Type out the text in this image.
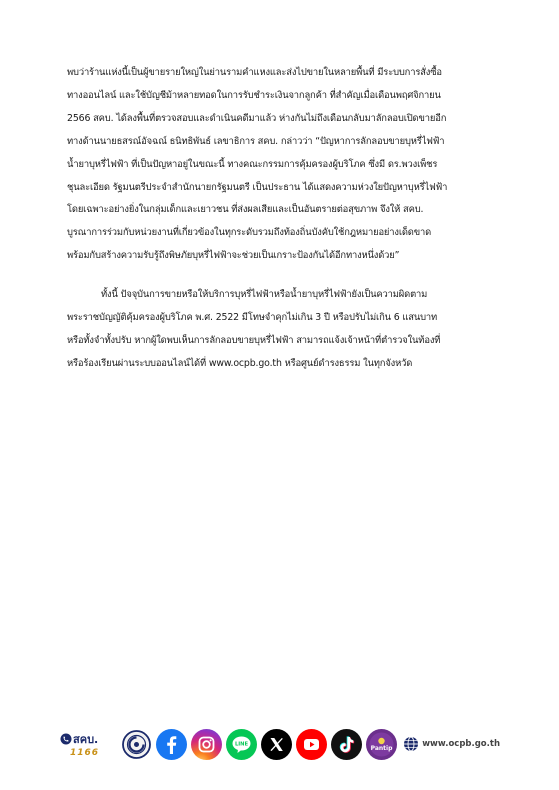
พบว่าร้านแห่งนี้เป็นผู้ขายรายใหญ่ในย่านรามคำแหงและส่งไปขายในหลายพื้นที่ มีระบบการสั่งซื้อ
ทางออนไลน์ และใช้บัญชีม้าหลายทอดในการรับชำระเงินจากลูกค้า ที่สำคัญเมื่อเดือนพฤศจิกายน
2566 สคบ. ได้ลงพื้นที่ตรวจสอบและดำเนินคดีมาแล้ว ห่างกันไม่ถึงเดือนกลับมาลักลอบเปิดขายอีก
ทางด้านนายธสรณ์อัจฉณ์ ธนิทธิพันธ์ เลขาธิการ สคบ. กล่าวว่า “ปัญหาการลักลอบขายบุหรี่ไฟฟ้า
น้ำยาบุหรี่ไฟฟ้า ที่เป็นปัญหาอยู่ในขณะนี้ ทางคณะกรรมการคุ้มครองผู้บริโภค ซึ่งมี ดร.พวงเพ็ชร
ชุนละเอียด รัฐมนตรีประจำสำนักนายกรัฐมนตรี เป็นประธาน ได้แสดงความห่วงใยปัญหาบุหรี่ไฟฟ้า
โดยเฉพาะอย่างยิ่งในกลุ่มเด็กและเยาวชน ที่ส่งผลเสียและเป็นอันตรายต่อสุขภาพ จึงให้ สคบ.
บูรณาการร่วมกับหน่วยงานที่เกี่ยวข้องในทุกระดับรวมถึงท้องถิ่นบังคับใช้กฎหมายอย่างเด็ดขาด
พร้อมกับสร้างความรับรู้ถึงพิษภัยบุหรี่ไฟฟ้าจะช่วยเป็นเกราะป้องกันได้อีกทางหนึ่งด้วย”
ทั้งนี้ ปัจจุบันการขายหรือให้บริการบุหรี่ไฟฟ้าหรือน้ำยาบุหรี่ไฟฟ้ายังเป็นความผิดตาม
พระราชบัญญัติคุ้มครองผู้บริโภค พ.ศ. 2522 มีโทษจำคุกไม่เกิน 3 ปี หรือปรับไม่เกิน 6 แสนบาท
หรือทั้งจำทั้งปรับ หากผู้ใดพบเห็นการลักลอบขายบุหรี่ไฟฟ้า สามารถแจ้งเจ้าหน้าที่ตำรวจในท้องที่
หรือร้องเรียนผ่านระบบออนไลน์ได้ที่ www.ocpb.go.th หรือศูนย์ดำรงธรรม ในทุกจังหวัด
สคบ.
1166
LINE
Pantip	www.ocpb.go.th
